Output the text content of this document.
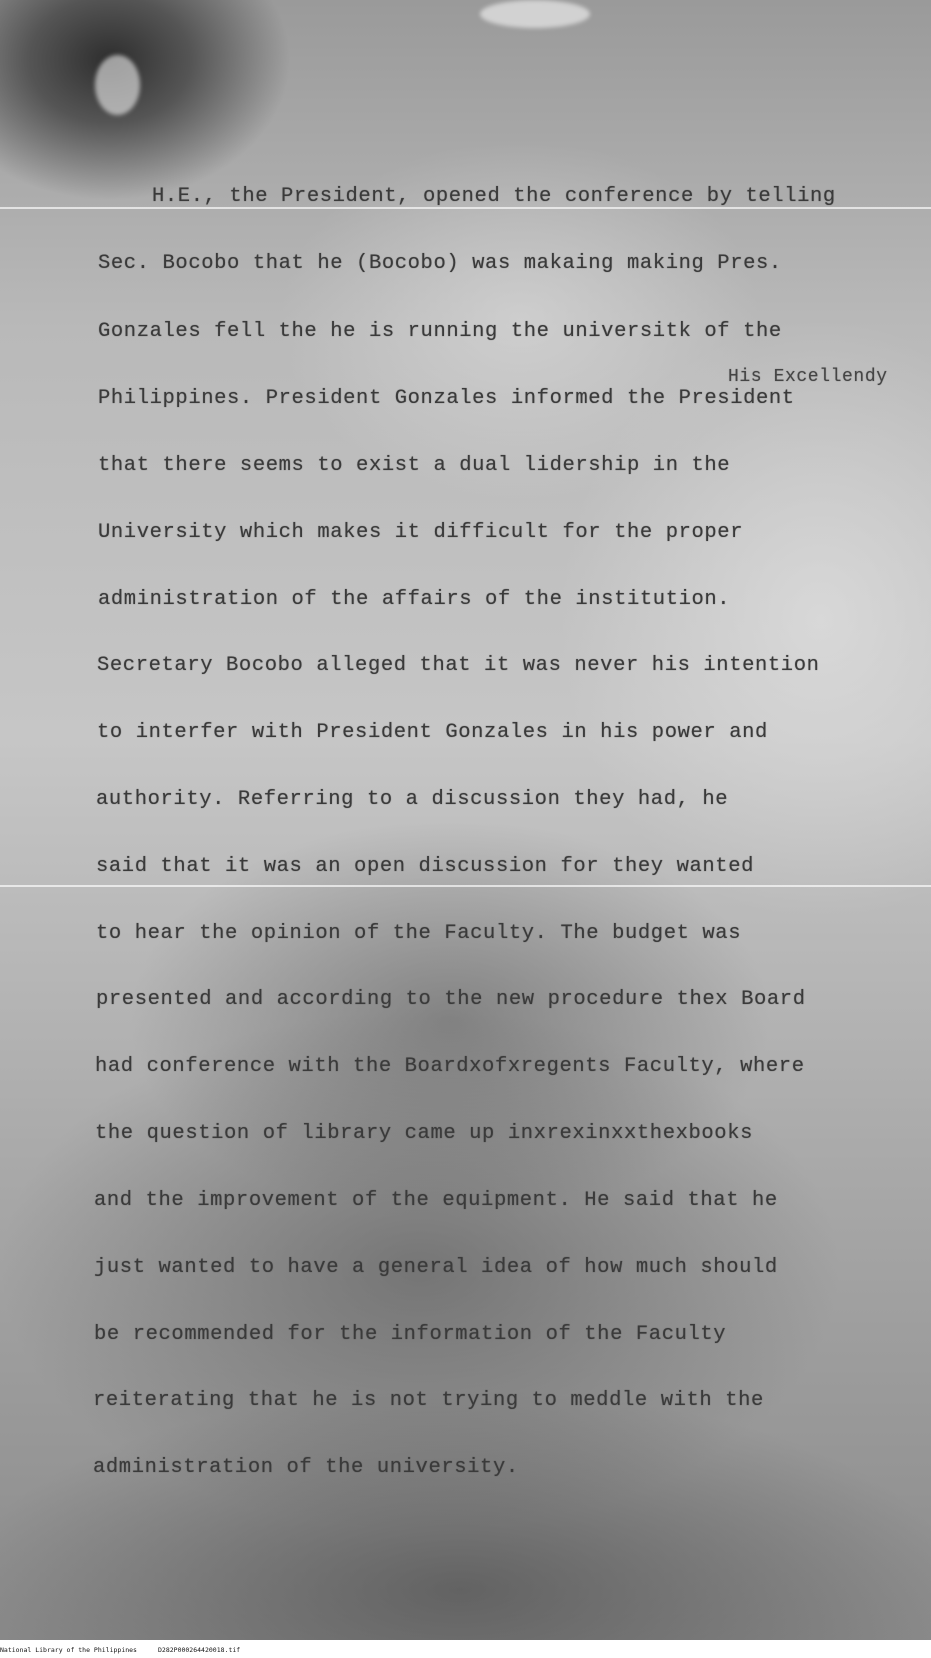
His Excellendy
H.E., the President, opened the conference by telling
Sec. Bocobo that he (Bocobo) was makaing making Pres.
Gonzales fell the he is running the universitk of the
Philippines. President Gonzales informed the President
that there seems to exist a dual lidership in the
University which makes it difficult for the proper
administration of the affairs of the institution.
Secretary Bocobo alleged that it was never his intention
to interfer with President Gonzales in his power and
authority. Referring to a discussion they had, he
said that it was an open discussion for they wanted
to hear the opinion of the Faculty. The budget was
presented and according to the new procedure thex Board
had conference with the Boardxofxregents Faculty, where
the question of library came up inxrexinxxthexbooks
and the improvement of the equipment. He said that he
just wanted to have a general idea of how much should
be recommended for the information of the Faculty
reiterating that he is not trying to meddle with the
administration of the university.
National Library of the Philippines	D282P000264420018.tif
